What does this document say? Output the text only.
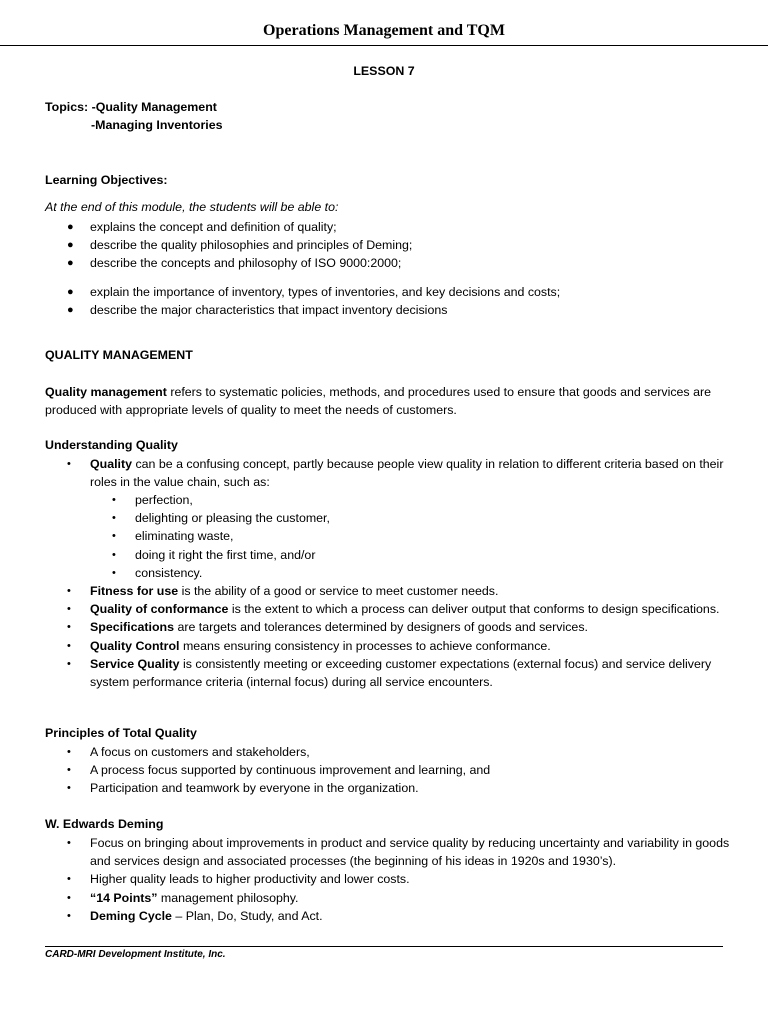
Operations Management and TQM
LESSON 7
Topics: -Quality Management
-Managing Inventories
Learning Objectives:
At the end of this module, the students will be able to:
● explains the concept and definition of quality;
● describe the quality philosophies and principles of Deming;
● describe the concepts and philosophy of ISO 9000:2000;
● explain the importance of inventory, types of inventories, and key decisions and costs;
● describe the major characteristics that impact inventory decisions
QUALITY MANAGEMENT
Quality management refers to systematic policies, methods, and procedures used to ensure that goods and services are produced with appropriate levels of quality to meet the needs of customers.
Understanding Quality
• Quality can be a confusing concept, partly because people view quality in relation to different criteria based on their roles in the value chain, such as:
• perfection,
• delighting or pleasing the customer,
• eliminating waste,
• doing it right the first time, and/or
• consistency.
• Fitness for use is the ability of a good or service to meet customer needs.
• Quality of conformance is the extent to which a process can deliver output that conforms to design specifications.
• Specifications are targets and tolerances determined by designers of goods and services.
• Quality Control means ensuring consistency in processes to achieve conformance.
• Service Quality is consistently meeting or exceeding customer expectations (external focus) and service delivery system performance criteria (internal focus) during all service encounters.
Principles of Total Quality
• A focus on customers and stakeholders,
• A process focus supported by continuous improvement and learning, and
• Participation and teamwork by everyone in the organization.
W. Edwards Deming
• Focus on bringing about improvements in product and service quality by reducing uncertainty and variability in goods and services design and associated processes (the beginning of his ideas in 1920s and 1930’s).
• Higher quality leads to higher productivity and lower costs.
• “14 Points” management philosophy.
• Deming Cycle – Plan, Do, Study, and Act.
CARD-MRI Development Institute, Inc.
